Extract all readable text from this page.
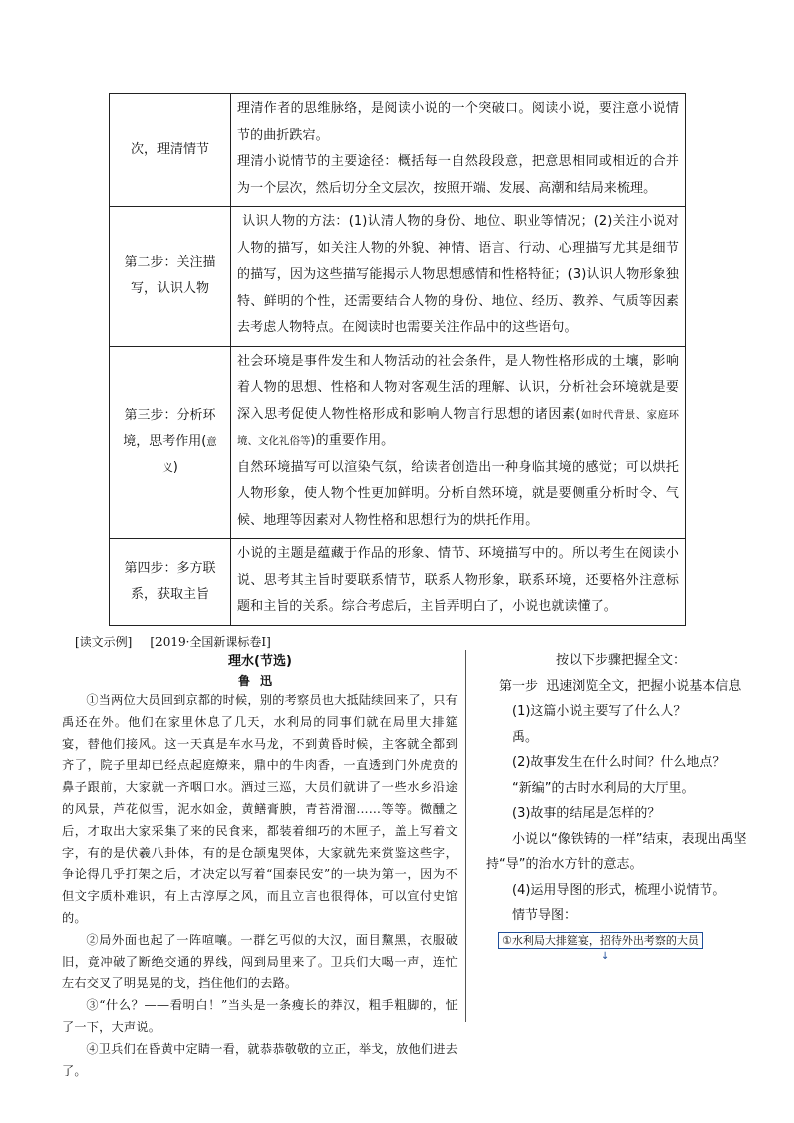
次，理清情节	理清作者的思维脉络，是阅读小说的一个突破口。阅读小说，要注意小说情节的曲折跌宕。

理清小说情节的主要途径：概括每一自然段段意，把意思相同或相近的合并为一个层次，然后切分全文层次，按照开端、发展、高潮和结局来梳理。

第二步：关注描写，认识人物	认识人物的方法：(1)认清人物的身份、地位、职业等情况；(2)关注小说对人物的描写，如关注人物的外貌、神情、语言、行动、心理描写尤其是细节的描写，因为这些描写能揭示人物思想感情和性格特征；(3)认识人物形象独特、鲜明的个性，还需要结合人物的身份、地位、经历、教养、气质等因素去考虑人物特点。在阅读时也需要关注作品中的这些语句。

第三步：分析环境，思考作用(意义)	社会环境是事件发生和人物活动的社会条件，是人物性格形成的土壤，影响着人物的思想、性格和人物对客观生活的理解、认识，分析社会环境就是要深入思考促使人物性格形成和影响人物言行思想的诸因素(如时代背景、家庭环境、文化礼俗等)的重要作用。

自然环境描写可以渲染气氛，给读者创造出一种身临其境的感觉；可以烘托人物形象，使人物个性更加鲜明。分析自然环境，就是要侧重分析时令、气候、地理等因素对人物性格和思想行为的烘托作用。

第四步：多方联系，获取主旨	小说的主题是蕴藏于作品的形象、情节、环境描写中的。所以考生在阅读小说、思考其主旨时要联系情节，联系人物形象，联系环境，还要格外注意标题和主旨的关系。综合考虑后，主旨弄明白了，小说也就读懂了。

[读文示例] [2019·全国新课标卷Ⅰ]

理水(节选)

鲁迅

①当两位大员回到京都的时候，别的考察员也大抵陆续回来了，只有禹还在外。他们在家里休息了几天，水利局的同事们就在局里大排筵宴，替他们接风。这一天真是车水马龙，不到黄昏时候，主客就全都到齐了，院子里却已经点起庭燎来，鼎中的牛肉香，一直透到门外虎贲的鼻子跟前，大家就一齐咽口水。酒过三巡，大员们就讲了一些水乡沿途的风景，芦花似雪，泥水如金，黄鳝膏腴，青苔滑溜……等等。微醺之后，才取出大家采集了来的民食来，都装着细巧的木匣子，盖上写着文字，有的是伏羲八卦体，有的是仓颉鬼哭体，大家就先来赏鉴这些字，争论得几乎打架之后，才决定以写着“国泰民安”的一块为第一，因为不但文字质朴难识，有上古淳厚之风，而且立言也很得体，可以宣付史馆的。

②局外面也起了一阵喧嚷。一群乞丐似的大汉，面目黧黑，衣服破旧，竟冲破了断绝交通的界线，闯到局里来了。卫兵们大喝一声，连忙左右交叉了明晃晃的戈，挡住他们的去路。

③“什么？——看明白！”当头是一条瘦长的莽汉，粗手粗脚的，怔了一下，大声说。

④卫兵们在昏黄中定睛一看，就恭恭敬敬的立正，举戈，放他们进去了。

按以下步骤把握全文：

第一步 迅速浏览全文，把握小说基本信息

(1)这篇小说主要写了什么人？

禹。

(2)故事发生在什么时间？什么地点？

“新编”的古时水利局的大厅里。

(3)故事的结尾是怎样的？

小说以“像铁铸的一样”结束，表现出禹坚持“导”的治水方针的意志。

(4)运用导图的形式，梳理小说情节。

情节导图：

①水利局大排筵宴，招待外出考察的大员
↓
